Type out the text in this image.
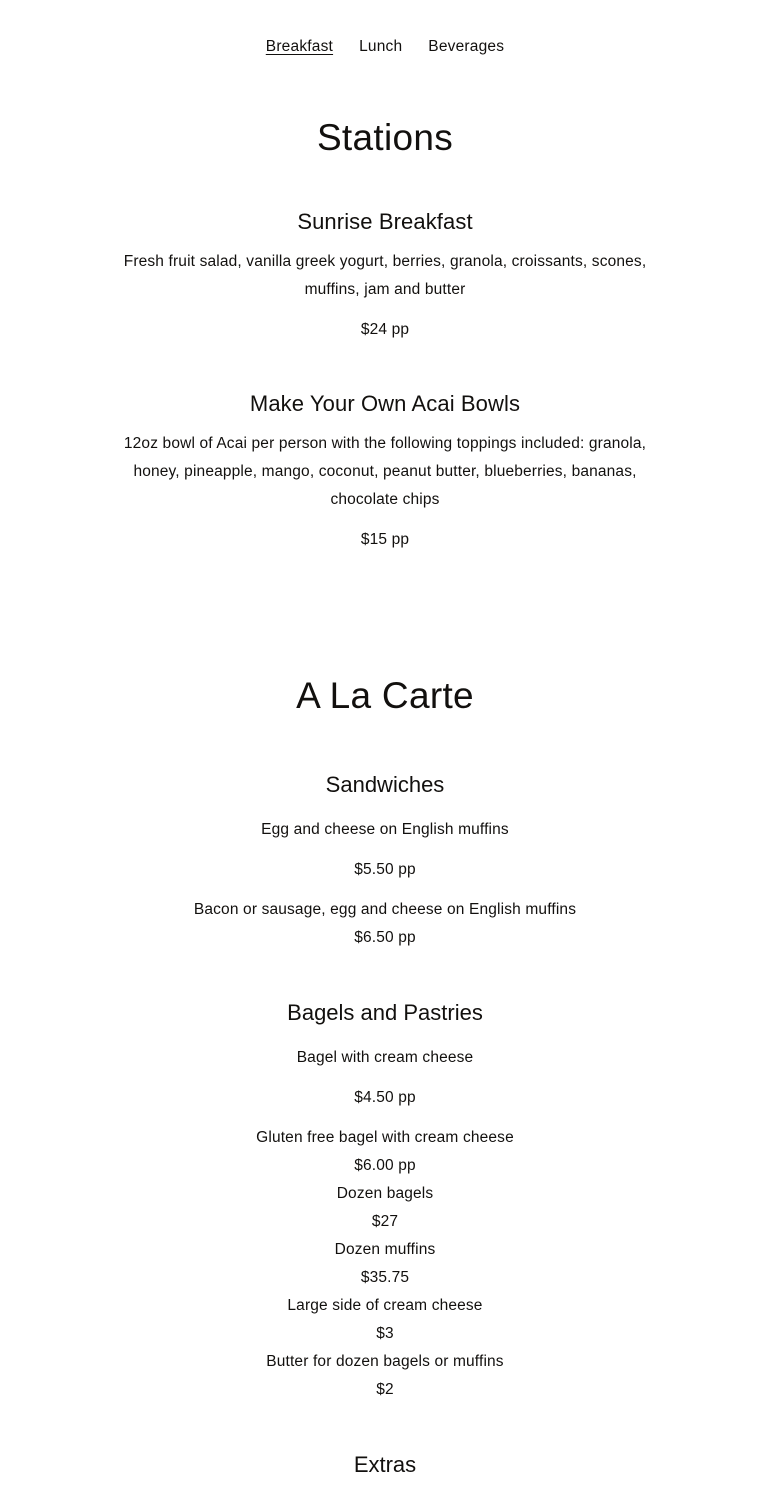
Breakfast Lunch Beverages
Stations
Sunrise Breakfast

Fresh fruit salad, vanilla greek yogurt, berries, granola, croissants, scones, muffins, jam and butter

$24 pp

Make Your Own Acai Bowls

12oz bowl of Acai per person with the following toppings included: granola, honey, pineapple, mango, coconut, peanut butter, blueberries, bananas, chocolate chips

$15 pp

A La Carte
Sandwiches

Egg and cheese on English muffins

$5.50 pp

Bacon or sausage, egg and cheese on English muffins

$6.50 pp

Bagels and Pastries

Bagel with cream cheese

$4.50 pp

Gluten free bagel with cream cheese

$6.00 pp

Dozen bagels

$27

Dozen muffins

$35.75

Large side of cream cheese

$3

Butter for dozen bagels or muffins

$2

Extras
